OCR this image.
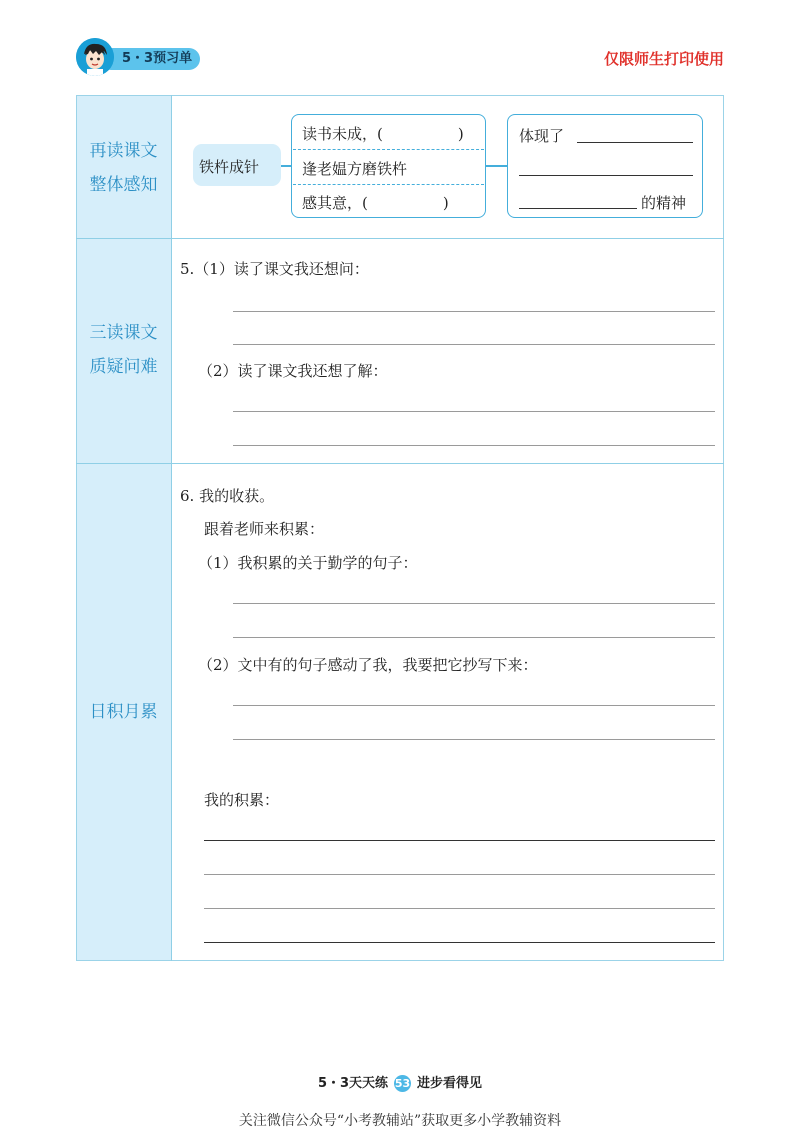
5・3预习单	仅限师生打印使用
再读课文
整体感知
三读课文
质疑问难
日积月累
铁杵成针
读书未成，(　　　　　)
逢老媪方磨铁杵
感其意，(　　　　　)
体现了
的精神
5.（1）读了课文我还想问：
（2）读了课文我还想了解：
6. 我的收获。
跟着老师来积累：
（1）我积累的关于勤学的句子：
（2）文中有的句子感动了我，我要把它抄写下来：
我的积累：
5・3天天练 53 进步看得见
关注微信公众号“小考教辅站”获取更多小学教辅资料
